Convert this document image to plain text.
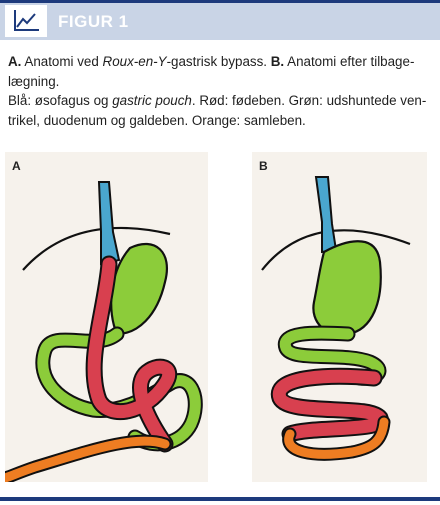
FIGUR 1
A. Anatomi ved Roux-en-Y-gastrisk bypass. B. Anatomi efter tilbage-
lægning.
Blå: øsofagus og gastric pouch. Rød: fødeben. Grøn: udshuntede ven-
trikel, duodenum og galdeben. Orange: samleben.
A	B
